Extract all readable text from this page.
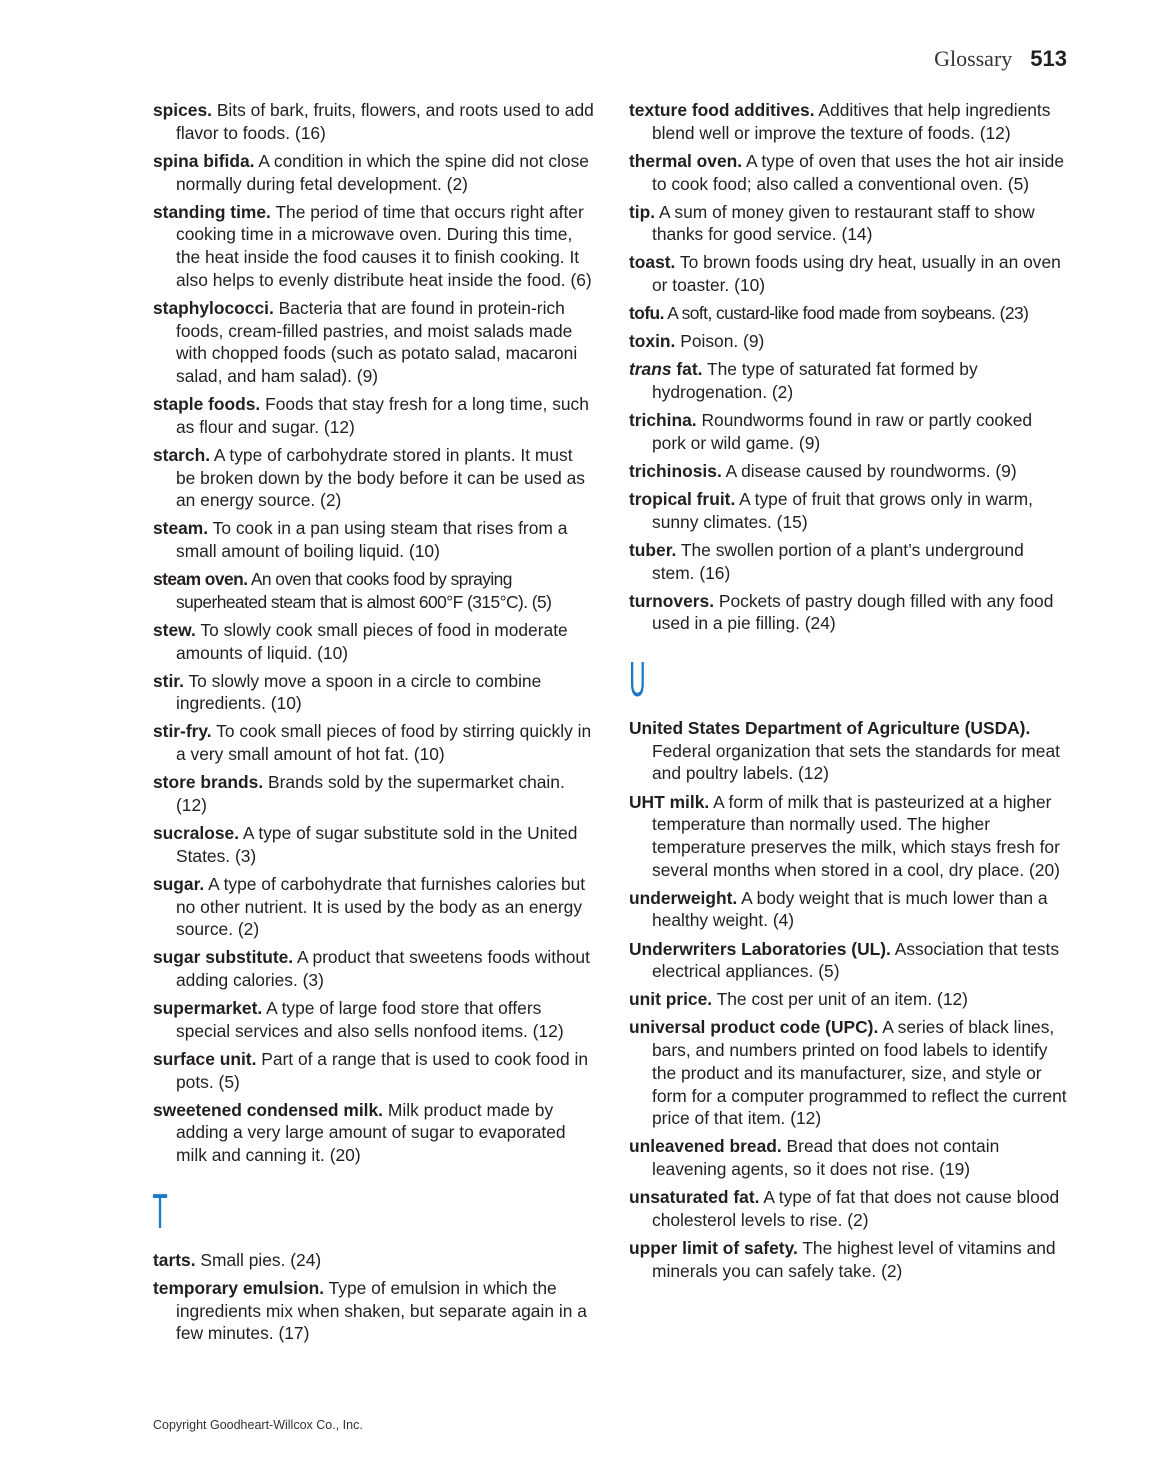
Glossary 513
spices. Bits of bark, fruits, flowers, and roots used to add flavor to foods. (16)
spina bifida. A condition in which the spine did not close normally during fetal development. (2)
standing time. The period of time that occurs right after cooking time in a microwave oven. During this time, the heat inside the food causes it to finish cooking. It also helps to evenly distribute heat inside the food. (6)
staphylococci. Bacteria that are found in protein-rich foods, cream-filled pastries, and moist salads made with chopped foods (such as potato salad, macaroni salad, and ham salad). (9)
staple foods. Foods that stay fresh for a long time, such as flour and sugar. (12)
starch. A type of carbohydrate stored in plants. It must be broken down by the body before it can be used as an energy source. (2)
steam. To cook in a pan using steam that rises from a small amount of boiling liquid. (10)
steam oven. An oven that cooks food by spraying superheated steam that is almost 600°F (315°C). (5)
stew. To slowly cook small pieces of food in moderate amounts of liquid. (10)
stir. To slowly move a spoon in a circle to combine ingredients. (10)
stir-fry. To cook small pieces of food by stirring quickly in a very small amount of hot fat. (10)
store brands. Brands sold by the supermarket chain. (12)
sucralose. A type of sugar substitute sold in the United States. (3)
sugar. A type of carbohydrate that furnishes calories but no other nutrient. It is used by the body as an energy source. (2)
sugar substitute. A product that sweetens foods without adding calories. (3)
supermarket. A type of large food store that offers special services and also sells nonfood items. (12)
surface unit. Part of a range that is used to cook food in pots. (5)
sweetened condensed milk. Milk product made by adding a very large amount of sugar to evaporated milk and canning it. (20)
T
tarts. Small pies. (24)
temporary emulsion. Type of emulsion in which the ingredients mix when shaken, but separate again in a few minutes. (17)
texture food additives. Additives that help ingredients blend well or improve the texture of foods. (12)
thermal oven. A type of oven that uses the hot air inside to cook food; also called a conventional oven. (5)
tip. A sum of money given to restaurant staff to show thanks for good service. (14)
toast. To brown foods using dry heat, usually in an oven or toaster. (10)
tofu. A soft, custard-like food made from soybeans. (23)
toxin. Poison. (9)
trans fat. The type of saturated fat formed by hydrogenation. (2)
trichina. Roundworms found in raw or partly cooked pork or wild game. (9)
trichinosis. A disease caused by roundworms. (9)
tropical fruit. A type of fruit that grows only in warm, sunny climates. (15)
tuber. The swollen portion of a plant’s underground stem. (16)
turnovers. Pockets of pastry dough filled with any food used in a pie filling. (24)
U
United States Department of Agriculture (USDA). Federal organization that sets the standards for meat and poultry labels. (12)
UHT milk. A form of milk that is pasteurized at a higher temperature than normally used. The higher temperature preserves the milk, which stays fresh for several months when stored in a cool, dry place. (20)
underweight. A body weight that is much lower than a healthy weight. (4)
Underwriters Laboratories (UL). Association that tests electrical appliances. (5)
unit price. The cost per unit of an item. (12)
universal product code (UPC). A series of black lines, bars, and numbers printed on food labels to identify the product and its manufacturer, size, and style or form for a computer programmed to reflect the current price of that item. (12)
unleavened bread. Bread that does not contain leavening agents, so it does not rise. (19)
unsaturated fat. A type of fat that does not cause blood cholesterol levels to rise. (2)
upper limit of safety. The highest level of vitamins and minerals you can safely take. (2)
Copyright Goodheart-Willcox Co., Inc.
